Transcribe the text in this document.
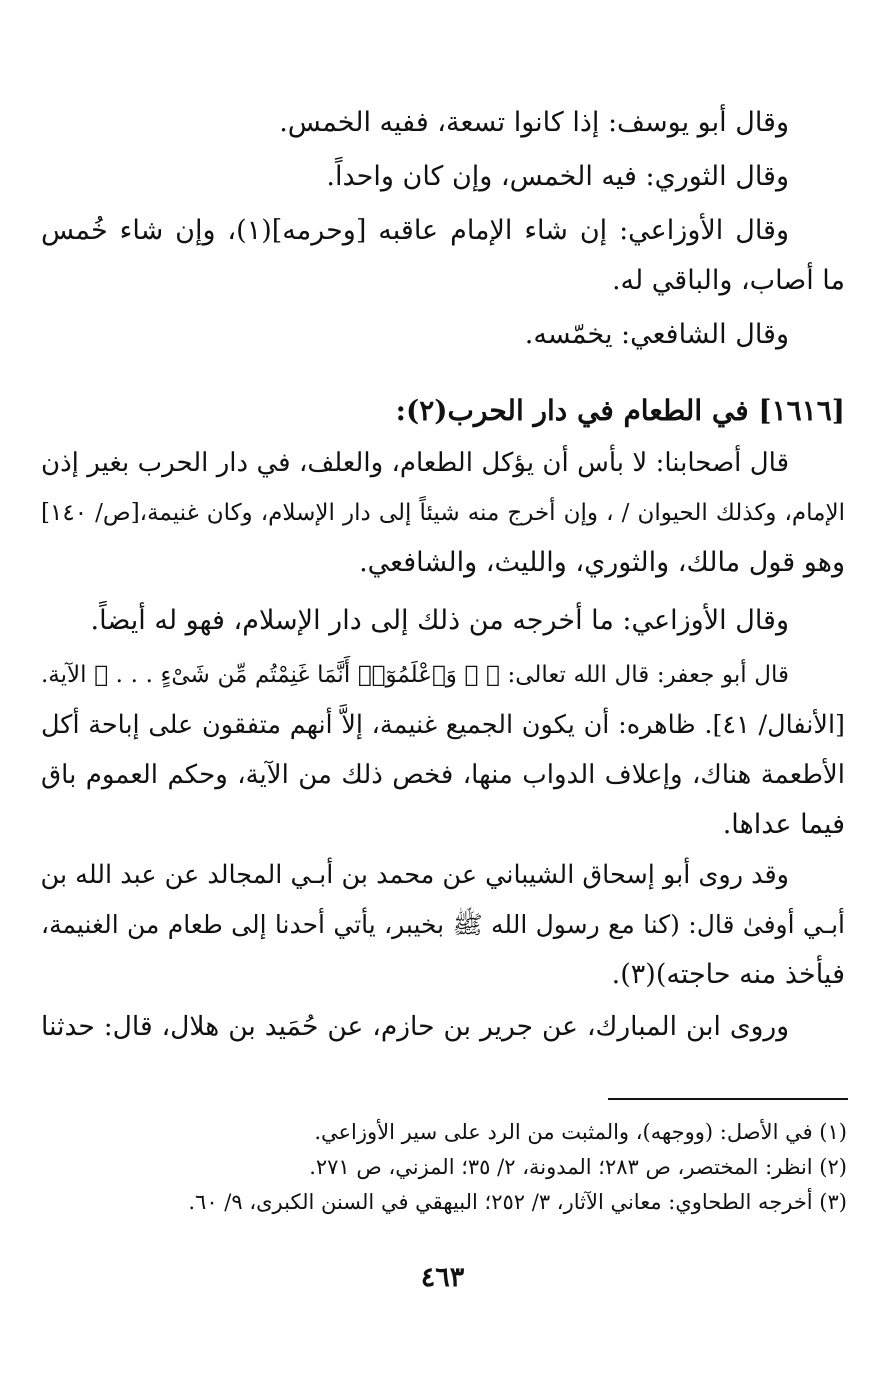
وقال أبو يوسف: إذا كانوا تسعة، ففيه الخمس.
وقال الثوري: فيه الخمس، وإن كان واحداً.
وقال الأوزاعي: إن شاء الإمام عاقبه [وحرمه](١)، وإن شاء خُمس
ما أصاب، والباقي له.
وقال الشافعي: يخمّسه.
[١٦١٦] في الطعام في دار الحرب(٢):
قال أصحابنا: لا بأس أن يؤكل الطعام، والعلف، في دار الحرب بغير إذن
الإمام، وكذلك الحيوان / ، وإن أخرج منه شيئاً إلى دار الإسلام، وكان غنيمة،[ص/ ١٤٠]
وهو قول مالك، والثوري، والليث، والشافعي.
وقال الأوزاعي: ما أخرجه من ذلك إلى دار الإسلام، فهو له أيضاً.
قال أبو جعفر: قال الله تعالى: ﴿ ۞ وَٱعْلَمُوٓا۟ أَنَّمَا غَنِمْتُم مِّن شَىْءٍ . . . ﴾ الآية.
[الأنفال/ ٤١]. ظاهره: أن يكون الجميع غنيمة، إلاَّ أنهم متفقون على إباحة أكل
الأطعمة هناك، وإعلاف الدواب منها، فخص ذلك من الآية، وحكم العموم باق
فيما عداها.
وقد روى أبو إسحاق الشيباني عن محمد بن أبـي المجالد عن عبد الله بن
أبـي أوفىٰ قال: (كنا مع رسول الله ﷺ بخيبر، يأتي أحدنا إلى طعام من الغنيمة،
فيأخذ منه حاجته)(٣).
وروى ابن المبارك، عن جرير بن حازم، عن حُمَيد بن هلال، قال: حدثنا
(١) في الأصل: (ووجهه)، والمثبت من الرد على سير الأوزاعي.
(٢) انظر: المختصر، ص ٢٨٣؛ المدونة، ٢/ ٣٥؛ المزني، ص ٢٧١.
(٣) أخرجه الطحاوي: معاني الآثار، ٣/ ٢٥٢؛ البيهقي في السنن الكبرى، ٩/ ٦٠.
٤٦٣
